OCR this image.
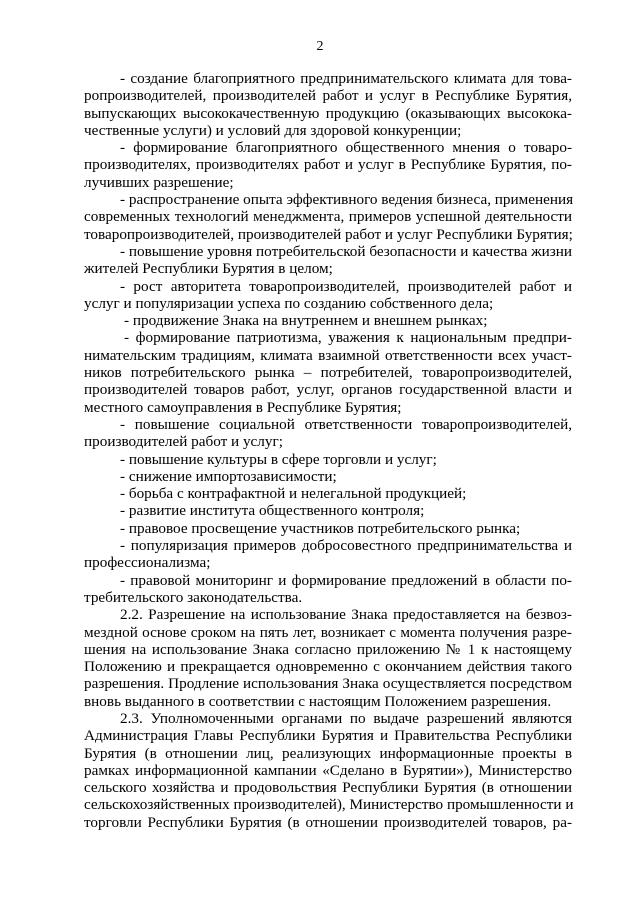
2
- создание благоприятного предпринимательского климата для това-
ропроизводителей, производителей работ и услуг в Республике Бурятия,
выпускающих высококачественную продукцию (оказывающих высокока-
чественные услуги) и условий для здоровой конкуренции;
- формирование благоприятного общественного мнения о товаро-
производителях, производителях работ и услуг в Республике Бурятия, по-
лучивших разрешение;
- распространение опыта эффективного ведения бизнеса, применения
современных технологий менеджмента, примеров успешной деятельности
товаропроизводителей, производителей работ и услуг Республики Бурятия;
- повышение уровня потребительской безопасности и качества жизни
жителей Республики Бурятия в целом;
- рост авторитета товаропроизводителей, производителей работ и
услуг и популяризации успеха по созданию собственного дела;
- продвижение Знака на внутреннем и внешнем рынках;
- формирование патриотизма, уважения к национальным предпри-
нимательским традициям, климата взаимной ответственности всех участ-
ников потребительского рынка – потребителей, товаропроизводителей,
производителей товаров работ, услуг, органов государственной власти и
местного самоуправления в Республике Бурятия;
- повышение социальной ответственности товаропроизводителей,
производителей работ и услуг;
- повышение культуры в сфере торговли и услуг;
- снижение импортозависимости;
- борьба с контрафактной и нелегальной продукцией;
- развитие института общественного контроля;
- правовое просвещение участников потребительского рынка;
- популяризация примеров добросовестного предпринимательства и
профессионализма;
- правовой мониторинг и формирование предложений в области по-
требительского законодательства.
2.2. Разрешение на использование Знака предоставляется на безвоз-
мездной основе сроком на пять лет, возникает с момента получения разре-
шения на использование Знака согласно приложению № 1 к настоящему
Положению и прекращается одновременно с окончанием действия такого
разрешения. Продление использования Знака осуществляется посредством
вновь выданного в соответствии с настоящим Положением разрешения.
2.3. Уполномоченными органами по выдаче разрешений являются
Администрация Главы Республики Бурятия и Правительства Республики
Бурятия (в отношении лиц, реализующих информационные проекты в
рамках информационной кампании «Сделано в Бурятии»), Министерство
сельского хозяйства и продовольствия Республики Бурятия (в отношении
сельскохозяйственных производителей), Министерство промышленности и
торговли Республики Бурятия (в отношении производителей товаров, ра-
